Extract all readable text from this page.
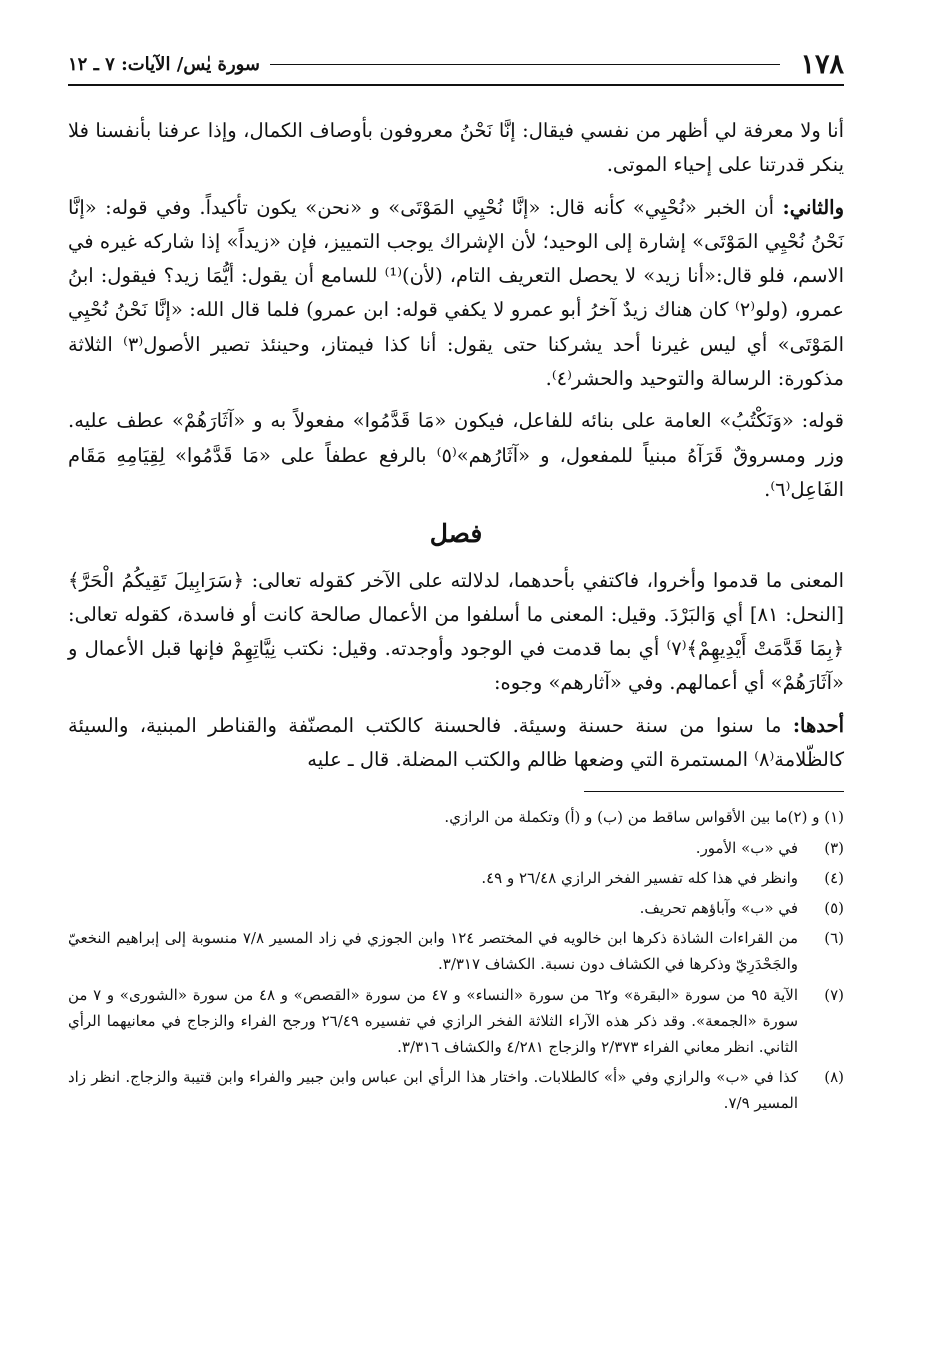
١٧٨
سورة يٰس/ الآيات: ٧ ـ ١٢

أنا ولا معرفة لي أظهر من نفسي فيقال: إنَّا نَحْنُ معروفون بأوصاف الكمال، وإذا عرفنا بأنفسنا فلا ينكر قدرتنا على إحياء الموتى.

والثاني: أن الخبر «نُحْيِي» كأنه قال: «إنَّا نُحْيِي المَوْتَى» و «نحن» يكون تأكيداً. وفي قوله: «إنَّا نَحْنُ نُحْيِي المَوْتَى» إشارة إلى الوحيد؛ لأن الإشراك يوجب التمييز، فإن «زيداً» إذا شاركه غيره في الاسم، فلو قال:«أنا زيد» لا يحصل التعريف التام، (لأن)⁽¹⁾ للسامع أن يقول: أيُّمَا زيد؟ فيقول: ابنُ عمرو، (ولو⁽٢⁾ كان هناك زيدٌ آخرُ أبو عمرو لا يكفي قوله: ابن عمرو) فلما قال الله: «إنَّا نَحْنُ نُحْيِي المَوْتَى» أي ليس غيرنا أحد يشركنا حتى يقول: أنا كذا فيمتاز، وحينئذ تصير الأصول⁽٣⁾ الثلاثة مذكورة: الرسالة والتوحيد والحشر⁽٤⁾.

قوله: «وَنَكْتُبُ» العامة على بنائه للفاعل، فيكون «مَا قَدَّمُوا» مفعولاً به و «آثَارَهُمْ» عطف عليه. وزر ومسروقٌ قَرَآهُ مبنياً للمفعول، و «آثَارُهم»⁽٥⁾ بالرفع عطفاً على «مَا قَدَّمُوا» لِقِيَامِهِ مَقَام الفَاعِل⁽٦⁾.

فصل

المعنى ما قدموا وأخروا، فاكتفي بأحدهما، لدلالته على الآخر كقوله تعالى: ﴿سَرَابِيلَ تَقِيكُمُ الْحَرَّ﴾ [النحل: ٨١] أي وَالبَرْدَ. وقيل: المعنى ما أسلفوا من الأعمال صالحة كانت أو فاسدة، كقوله تعالى: ﴿بِمَا قَدَّمَتْ أَيْدِيهِمْ﴾⁽٧⁾ أي بما قدمت في الوجود وأوجدته. وقيل: نكتب نِيَّاتِهِمْ فإنها قبل الأعمال و «آثَارَهُمْ» أي أعمالهم. وفي «آثارهم» وجوه:

أحدها: ما سنوا من سنة حسنة وسيئة. فالحسنة كالكتب المصنّفة والقناطر المبنية، والسيئة كالظّلامة⁽٨⁾ المستمرة التي وضعها ظالم والكتب المضلة. قال ـ عليه

(١) و (٢)
ما بين الأقواس ساقط من (ب) و (أ) وتكملة من الرازي.
(٣)
في «ب» الأمور.
(٤)
وانظر في هذا كله تفسير الفخر الرازي ٢٦/٤٨ و ٤٩.
(٥)
في «ب» وآباؤهم تحريف.
(٦)
من القراءات الشاذة ذكرها ابن خالويه في المختصر ١٢٤ وابن الجوزي في زاد المسير ٧/٨ منسوبة إلى إبراهيم النخعيّ والجَحْدَرِيّ وذكرها في الكشاف دون نسبة. الكشاف ٣/٣١٧.
(٧)
الآية ٩٥ من سورة «البقرة» و٦٢ من سورة «النساء» و ٤٧ من سورة «القصص» و ٤٨ من سورة «الشورى» و ٧ من سورة «الجمعة». وقد ذكر هذه الآراء الثلاثة الفخر الرازي في تفسيره ٢٦/٤٩ ورجح الفراء والزجاج في معانيهما الرأي الثاني. انظر معاني الفراء ٢/٣٧٣ والزجاج ٤/٢٨١ والكشاف ٣/٣١٦.
(٨)
كذا في «ب» والرازي وفي «أ» كالطلابات. واختار هذا الرأي ابن عباس وابن جبير والفراء وابن قتيبة والزجاج. انظر زاد المسير ٧/٩.
